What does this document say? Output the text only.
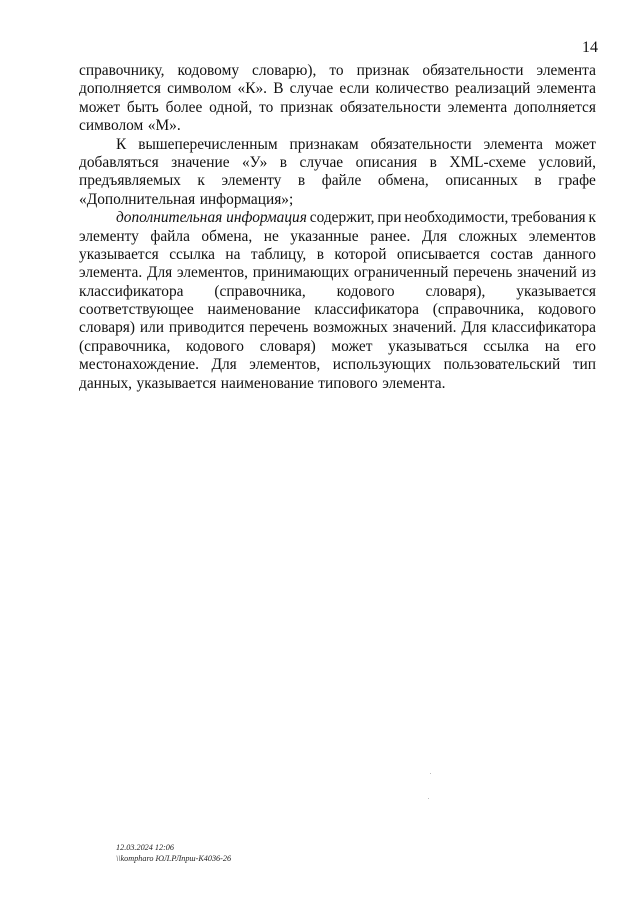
14
справочнику, кодовому словарю), то признак обязательности элемента
дополняется символом «К». В случае если количество реализаций элемента
может быть более одной, то признак обязательности элемента дополняется
символом «М».
К вышеперечисленным признакам обязательности элемента может
добавляться значение «У» в случае описания в XML-схеме условий,
предъявляемых к элементу в файле обмена, описанных в графе
«Дополнительная информация»;
дополнительная информация содержит, при необходимости, требования к
элементу файла обмена, не указанные ранее. Для сложных элементов
указывается ссылка на таблицу, в которой описывается состав данного
элемента. Для элементов, принимающих ограниченный перечень значений из
классификатора (справочника, кодового словаря), указывается
соответствующее наименование классификатора (справочника, кодового
словаря) или приводится перечень возможных значений. Для классификатора
(справочника, кодового словаря) может указываться ссылка на его
местонахождение. Для элементов, использующих пользовательский тип
данных, указывается наименование типового элемента.
12.03.2024 12:06
\\kompharo ЮЛ.РЛпрш-К4036-26
